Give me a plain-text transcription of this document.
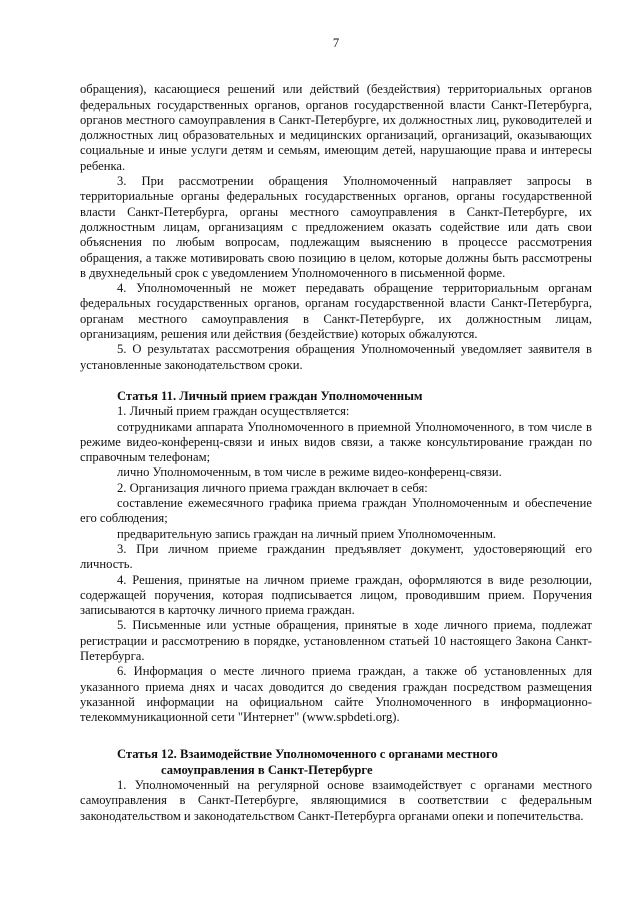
7

обращения), касающиеся решений или действий (бездействия) территориальных органов федеральных государственных органов, органов государственной власти Санкт-Петербурга, органов местного самоуправления в Санкт-Петербурге, их должностных лиц, руководителей и должностных лиц образовательных и медицинских организаций, организаций, оказывающих социальные и иные услуги детям и семьям, имеющим детей, нарушающие права и интересы ребенка.

3. При рассмотрении обращения Уполномоченный направляет запросы в территориальные органы федеральных государственных органов, органы государственной власти Санкт-Петербурга, органы местного самоуправления в Санкт-Петербурге, их должностным лицам, организациям с предложением оказать содействие или дать свои объяснения по любым вопросам, подлежащим выяснению в процессе рассмотрения обращения, а также мотивировать свою позицию в целом, которые должны быть рассмотрены в двухнедельный срок с уведомлением Уполномоченного в письменной форме.

4. Уполномоченный не может передавать обращение территориальным органам федеральных государственных органов, органам государственной власти Санкт-Петербурга, органам местного самоуправления в Санкт-Петербурге, их должностным лицам, организациям, решения или действия (бездействие) которых обжалуются.

5. О результатах рассмотрения обращения Уполномоченный уведомляет заявителя в установленные законодательством сроки.

Статья 11. Личный прием граждан Уполномоченным

1. Личный прием граждан осуществляется:

сотрудниками аппарата Уполномоченного в приемной Уполномоченного, в том числе в режиме видео-конференц-связи и иных видов связи, а также консультирование граждан по справочным телефонам;

лично Уполномоченным, в том числе в режиме видео-конференц-связи.

2. Организация личного приема граждан включает в себя:

составление ежемесячного графика приема граждан Уполномоченным и обеспечение его соблюдения;

предварительную запись граждан на личный прием Уполномоченным.

3. При личном приеме гражданин предъявляет документ, удостоверяющий его личность.

4. Решения, принятые на личном приеме граждан, оформляются в виде резолюции, содержащей поручения, которая подписывается лицом, проводившим прием. Поручения записываются в карточку личного приема граждан.

5. Письменные или устные обращения, принятые в ходе личного приема, подлежат регистрации и рассмотрению в порядке, установленном статьей 10 настоящего Закона Санкт-Петербурга.

6. Информация о месте личного приема граждан, а также об установленных для указанного приема днях и часах доводится до сведения граждан посредством размещения указанной информации на официальном сайте Уполномоченного в информационно-телекоммуникационной сети "Интернет" (www.spbdeti.org).

Статья 12. Взаимодействие Уполномоченного с органами местного
самоуправления в Санкт-Петербурге

1. Уполномоченный на регулярной основе взаимодействует с органами местного самоуправления в Санкт-Петербурге, являющимися в соответствии с федеральным законодательством и законодательством Санкт-Петербурга органами опеки и попечительства.
